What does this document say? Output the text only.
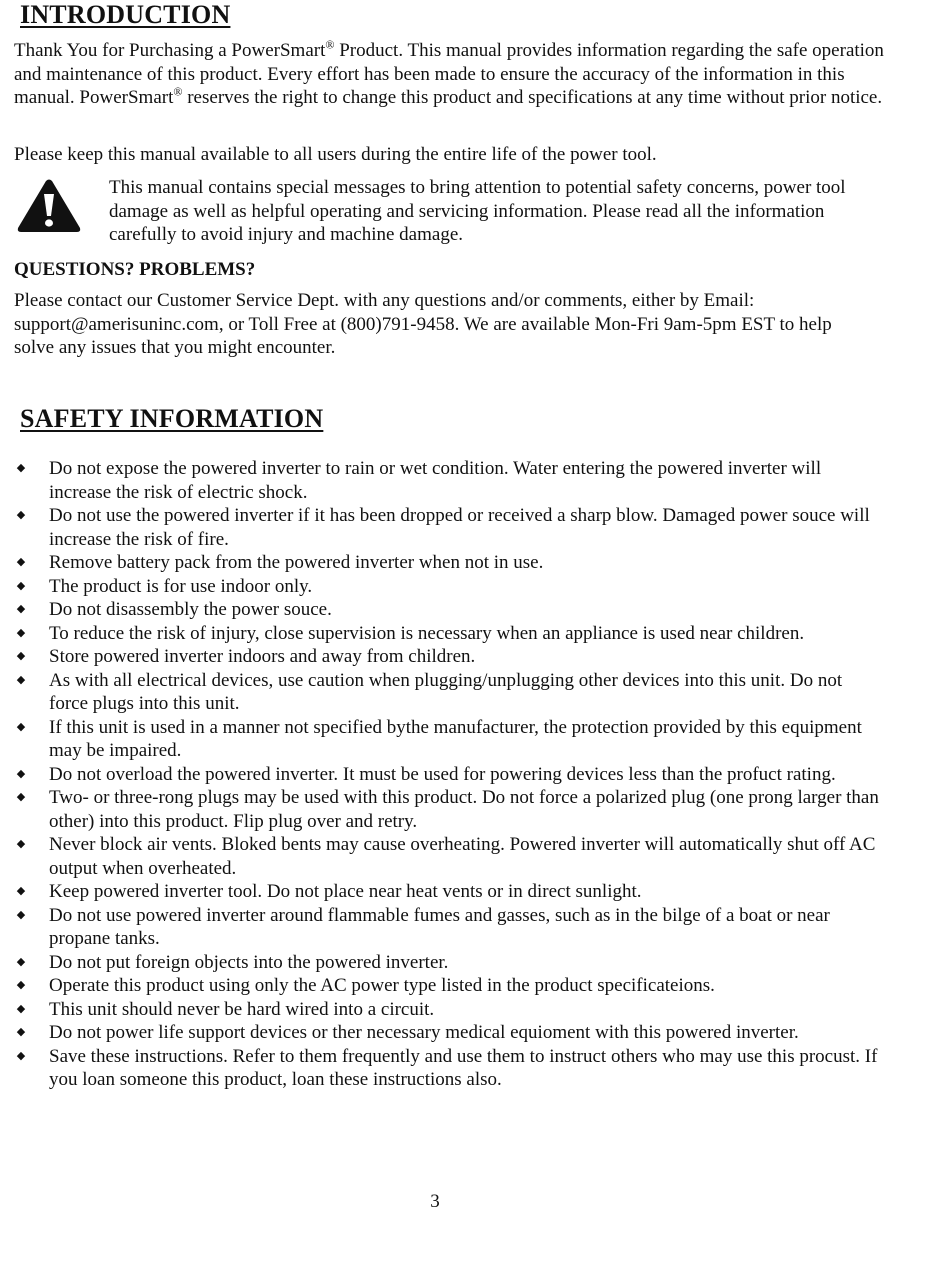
INTRODUCTION

Thank You for Purchasing a PowerSmart® Product. This manual provides information regarding the safe operation and maintenance of this product. Every effort has been made to ensure the accuracy of the information in this manual. PowerSmart® reserves the right to change this product and specifications at any time without prior notice.

Please keep this manual available to all users during the entire life of the power tool.

This manual contains special messages to bring attention to potential safety concerns, power tool damage as well as helpful operating and servicing information. Please read all the information carefully to avoid injury and machine damage.

QUESTIONS? PROBLEMS?

Please contact our Customer Service Dept. with any questions and/or comments, either by Email: support@amerisuninc.com, or Toll Free at (800)791-9458. We are available Mon-Fri 9am-5pm EST to help solve any issues that you might encounter.

SAFETY INFORMATION
◆ Do not expose the powered inverter to rain or wet condition. Water entering the powered inverter will increase the risk of electric shock.
◆ Do not use the powered inverter if it has been dropped or received a sharp blow. Damaged power souce will increase the risk of fire.
◆ Remove battery pack from the powered inverter when not in use.
◆ The product is for use indoor only.
◆ Do not disassembly the power souce.
◆ To reduce the risk of injury, close supervision is necessary when an appliance is used near children.
◆ Store powered inverter indoors and away from children.
◆ As with all electrical devices, use caution when plugging/unplugging other devices into this unit. Do not force plugs into this unit.
◆ If this unit is used in a manner not specified bythe manufacturer, the protection provided by this equipment may be impaired.
◆ Do not overload the powered inverter. It must be used for powering devices less than the profuct rating.
◆ Two- or three-rong plugs may be used with this product. Do not force a polarized plug (one prong larger than other) into this product. Flip plug over and retry.
◆ Never block air vents. Bloked bents may cause overheating. Powered inverter will automatically shut off AC output when overheated.
◆ Keep powered inverter tool. Do not place near heat vents or in direct sunlight.
◆ Do not use powered inverter around flammable fumes and gasses, such as in the bilge of a boat or near propane tanks.
◆ Do not put foreign objects into the powered inverter.
◆ Operate this product using only the AC power type listed in the product specificateions.
◆ This unit should never be hard wired into a circuit.
◆ Do not power life support devices or ther necessary medical equioment with this powered inverter.
◆ Save these instructions. Refer to them frequently and use them to instruct others who may use this procust. If you loan someone this product, loan these instructions also.
3
